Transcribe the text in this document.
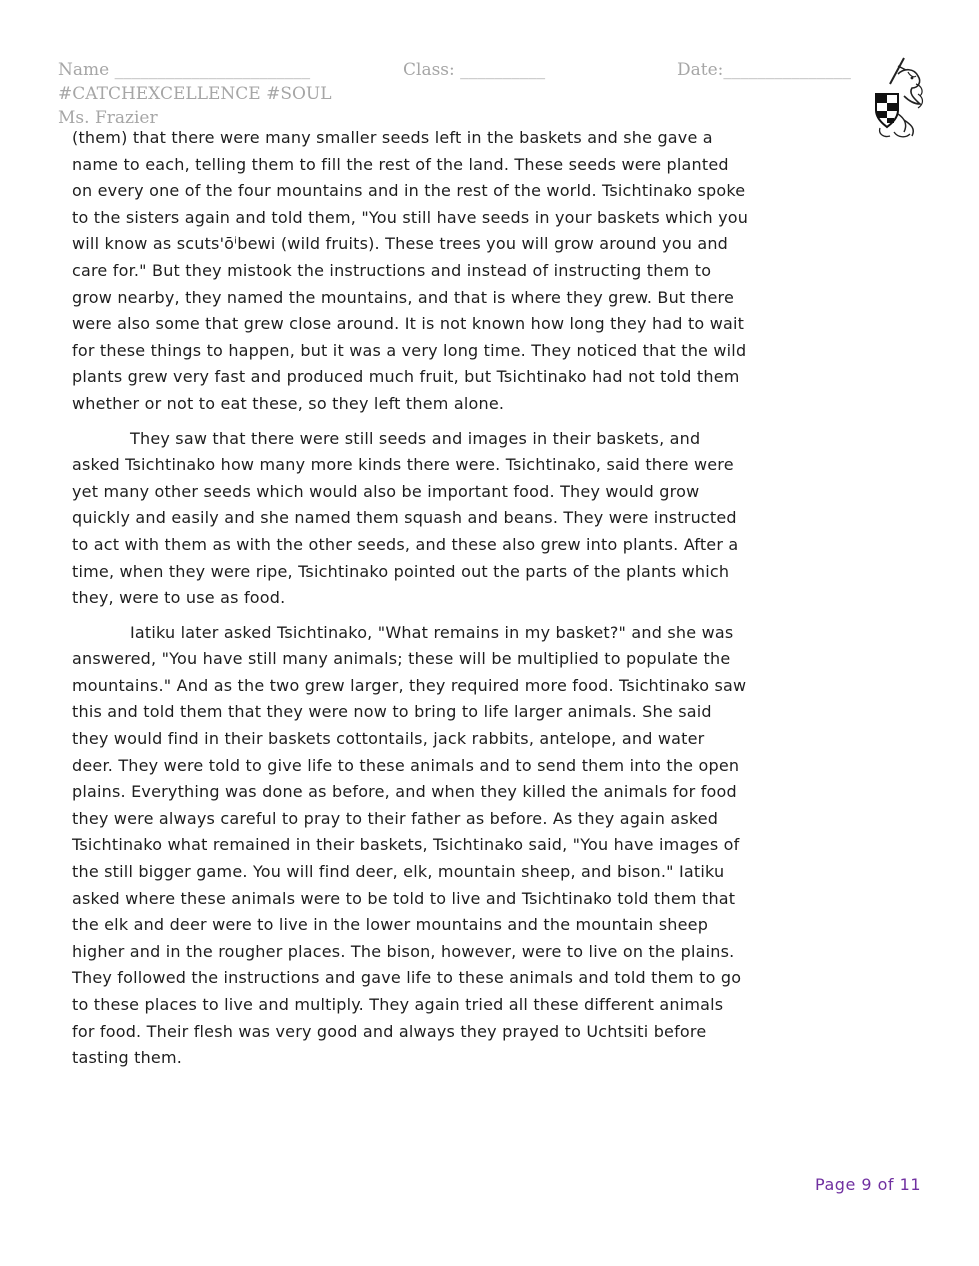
Name _______________________	Class: __________	Date:_______________
#CATCHEXCELLENCE #SOUL
Ms. Frazier

(them) that there were many smaller seeds left in the baskets and she gave a name to each, telling them to fill the rest of the land. These seeds were planted on every one of the four mountains and in the rest of the world. Tsichtinako spoke to the sisters again and told them, "You still have seeds in your baskets which you will know as scuts'ōⁱbewi (wild fruits). These trees you will grow around you and care for." But they mistook the instructions and instead of instructing them to grow nearby, they named the mountains, and that is where they grew. But there were also some that grew close around. It is not known how long they had to wait for these things to happen, but it was a very long time. They noticed that the wild plants grew very fast and produced much fruit, but Tsichtinako had not told them whether or not to eat these, so they left them alone.

They saw that there were still seeds and images in their baskets, and asked Tsichtinako how many more kinds there were. Tsichtinako, said there were yet many other seeds which would also be important food. They would grow quickly and easily and she named them squash and beans. They were instructed to act with them as with the other seeds, and these also grew into plants. After a time, when they were ripe, Tsichtinako pointed out the parts of the plants which they, were to use as food.

Iatiku later asked Tsichtinako, "What remains in my basket?" and she was answered, "You have still many animals; these will be multiplied to populate the mountains." And as the two grew larger, they required more food. Tsichtinako saw this and told them that they were now to bring to life larger animals. She said they would find in their baskets cottontails, jack rabbits, antelope, and water deer. They were told to give life to these animals and to send them into the open plains. Everything was done as before, and when they killed the animals for food they were always careful to pray to their father as before. As they again asked Tsichtinako what remained in their baskets, Tsichtinako said, "You have images of the still bigger game. You will find deer, elk, mountain sheep, and bison." Iatiku asked where these animals were to be told to live and Tsichtinako told them that the elk and deer were to live in the lower mountains and the mountain sheep higher and in the rougher places. The bison, however, were to live on the plains. They followed the instructions and gave life to these animals and told them to go to these places to live and multiply. They again tried all these different animals for food. Their flesh was very good and always they prayed to Uchtsiti before tasting them.

Page 9 of 11
